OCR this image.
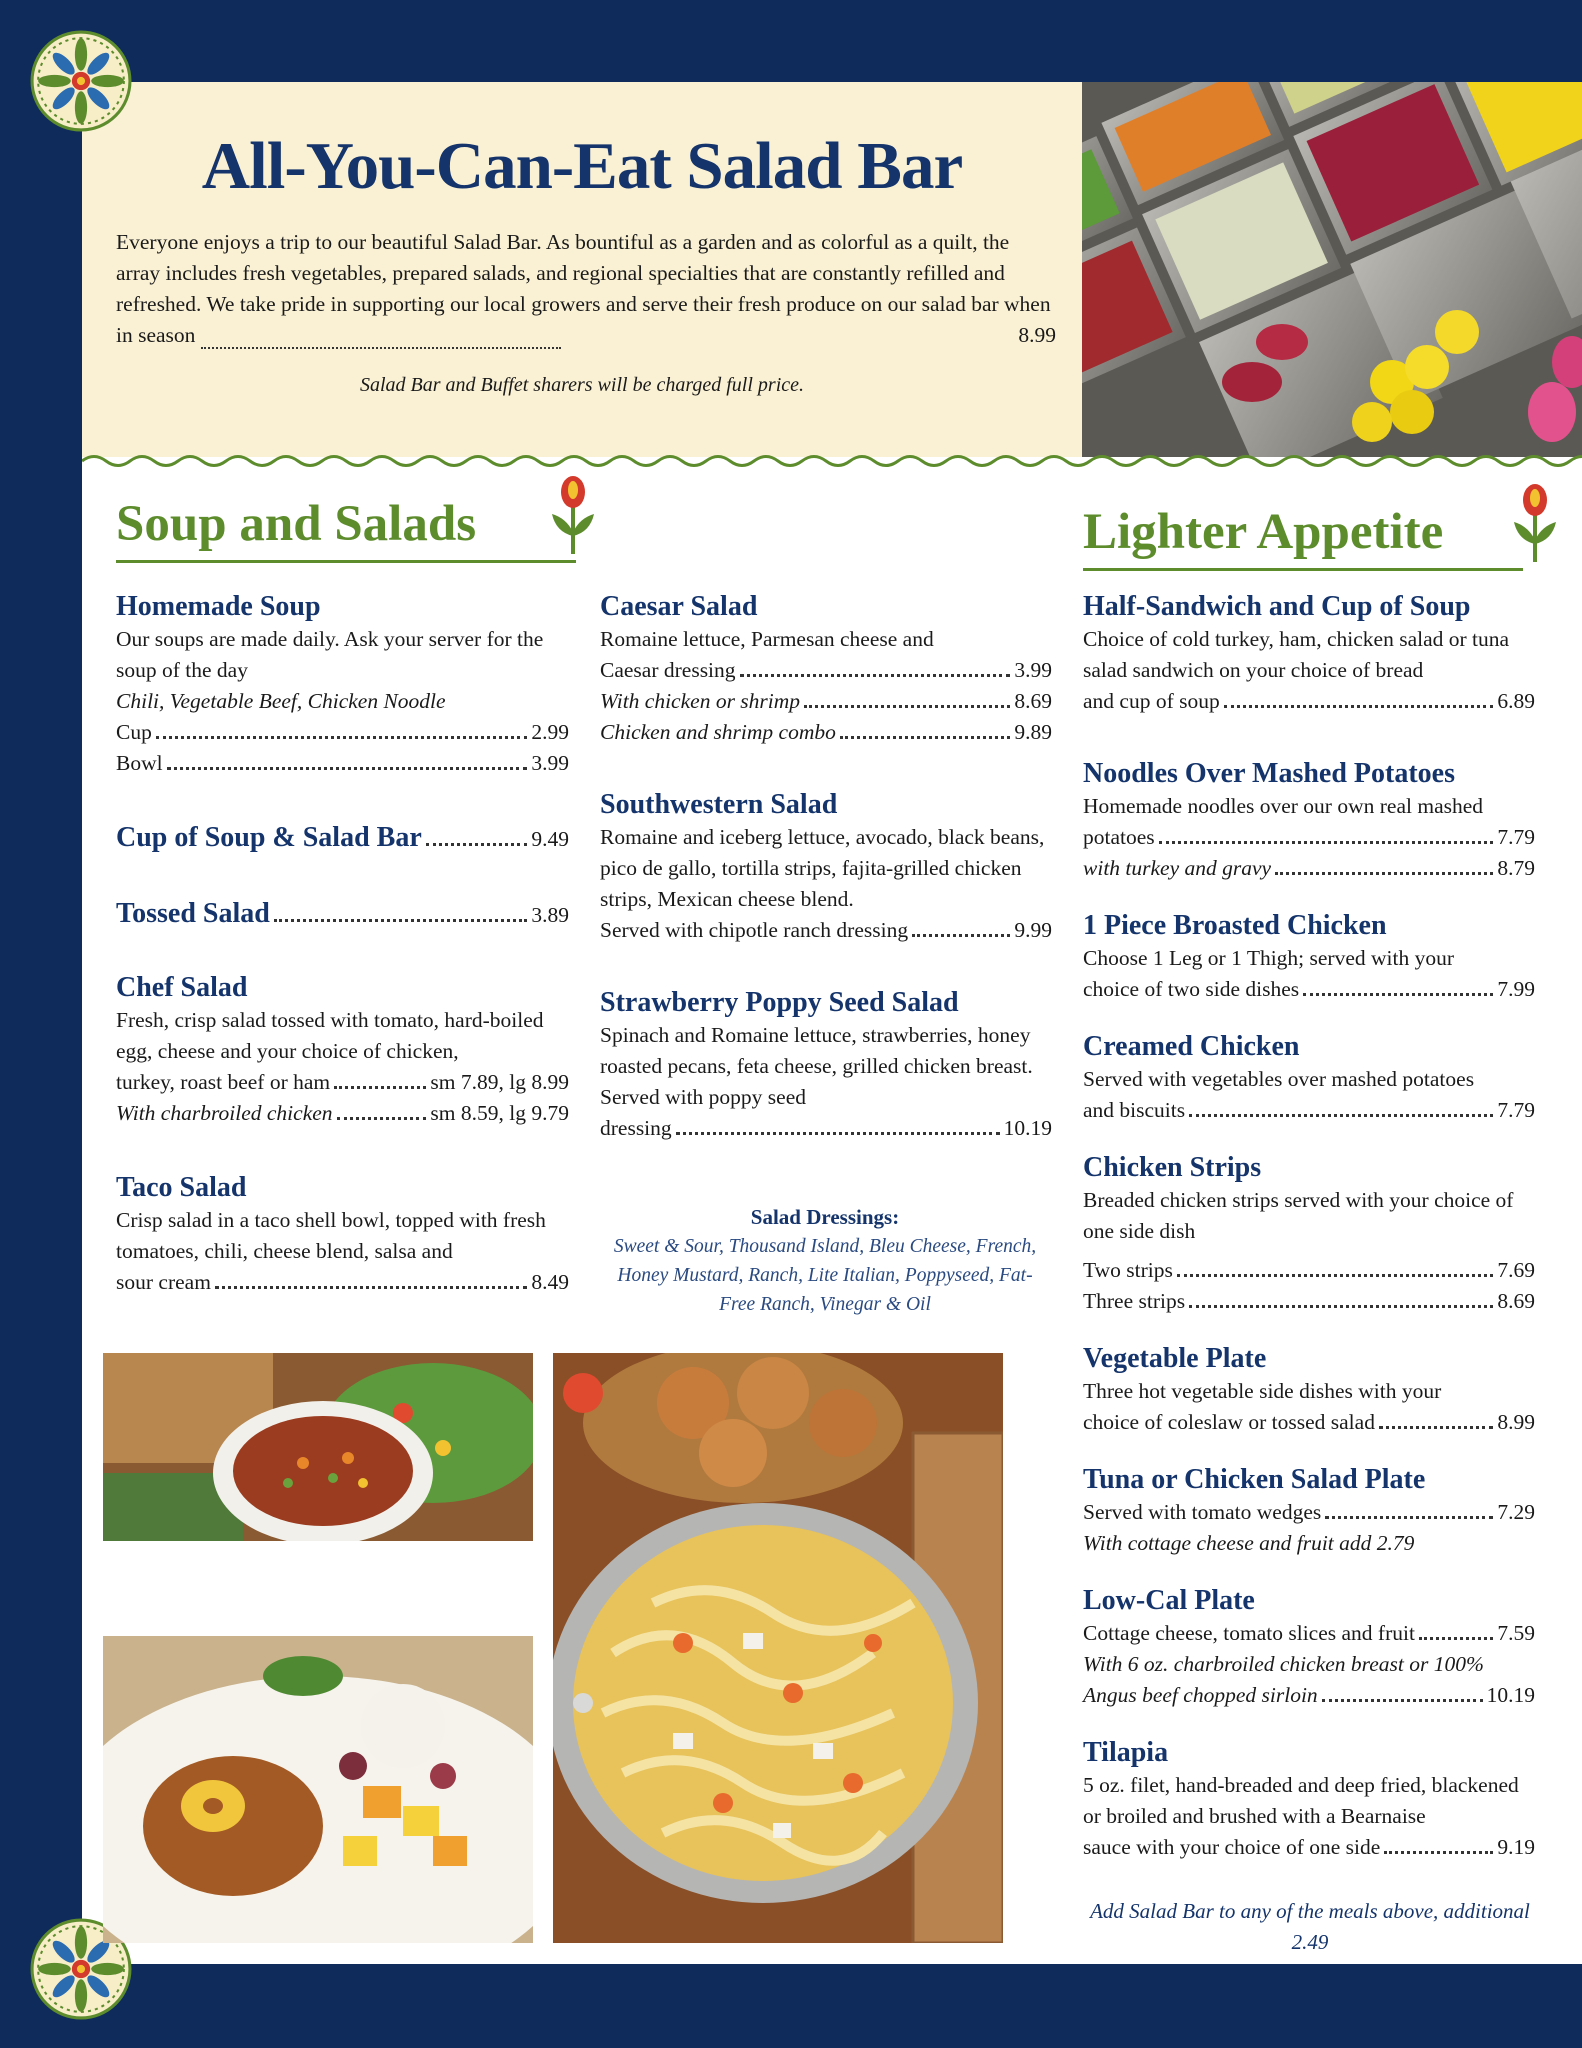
All-You-Can-Eat Salad Bar

Everyone enjoys a trip to our beautiful Salad Bar. As bountiful as a garden and as colorful as a quilt, the array includes fresh vegetables, prepared salads, and regional specialties that are constantly refilled and refreshed. We take pride in supporting our local growers and serve their fresh produce on our salad bar when in season	8.99

Salad Bar and Buffet sharers will be charged full price.

Soup and Salads	Lighter Appetite
Homemade Soup
Our soups are made daily. Ask your server for the soup of the day
Chili, Vegetable Beef, Chicken Noodle
Cup	2.99
Bowl	3.99
Cup of Soup & Salad Bar	9.49
Tossed Salad	3.89
Chef Salad
Fresh, crisp salad tossed with tomato, hard-boiled egg, cheese and your choice of chicken,
turkey, roast beef or ham	sm 7.89, lg 8.99
With charbroiled chicken	sm 8.59, lg 9.79
Taco Salad
Crisp salad in a taco shell bowl, topped with fresh tomatoes, chili, cheese blend, salsa and
sour cream	8.49
Caesar Salad
Romaine lettuce, Parmesan cheese and
Caesar dressing	3.99
With chicken or shrimp	8.69
Chicken and shrimp combo	9.89
Southwestern Salad
Romaine and iceberg lettuce, avocado, black beans, pico de gallo, tortilla strips, fajita-grilled chicken strips, Mexican cheese blend.
Served with chipotle ranch dressing	9.99
Strawberry Poppy Seed Salad
Spinach and Romaine lettuce, strawberries, honey roasted pecans, feta cheese, grilled chicken breast. Served with poppy seed
dressing	10.19
Salad Dressings:
Sweet & Sour, Thousand Island, Bleu Cheese, French, Honey Mustard, Ranch, Lite Italian, Poppyseed, Fat-Free Ranch, Vinegar & Oil
Half-Sandwich and Cup of Soup
Choice of cold turkey, ham, chicken salad or tuna salad sandwich on your choice of bread
and cup of soup	6.89
Noodles Over Mashed Potatoes
Homemade noodles over our own real mashed
potatoes	7.79
with turkey and gravy	8.79
1 Piece Broasted Chicken
Choose 1 Leg or 1 Thigh; served with your
choice of two side dishes	7.99
Creamed Chicken
Served with vegetables over mashed potatoes
and biscuits	7.79
Chicken Strips
Breaded chicken strips served with your choice of one side dish
Two strips	7.69
Three strips	8.69
Vegetable Plate
Three hot vegetable side dishes with your
choice of coleslaw or tossed salad	8.99
Tuna or Chicken Salad Plate
Served with tomato wedges	7.29
With cottage cheese and fruit add 2.79
Low-Cal Plate
Cottage cheese, tomato slices and fruit	7.59
With 6 oz. charbroiled chicken breast or 100%
Angus beef chopped sirloin	10.19
Tilapia
5 oz. filet, hand-breaded and deep fried, blackened or broiled and brushed with a Bearnaise
sauce with your choice of one side	9.19
Add Salad Bar to any of the meals above, additional 2.49
